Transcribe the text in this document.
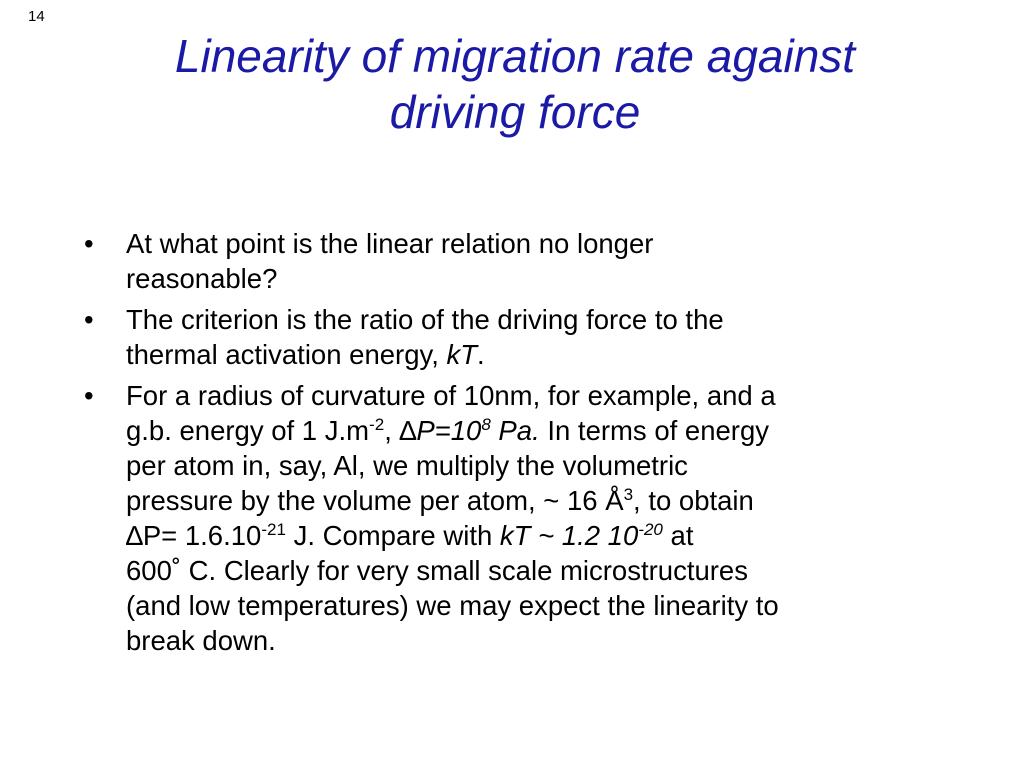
14
Linearity of migration rate against
driving force
• At what point is the linear relation no longer
reasonable?
• The criterion is the ratio of the driving force to the
thermal activation energy, kT.
• For a radius of curvature of 10nm, for example, and a
g.b. energy of 1 $J.m^{-2}$, $\Delta P=10^8$ Pa. In terms of energy
per atom in, say, Al, we multiply the volumetric
pressure by the volume per atom, ~ 16 $Å^3$, to obtain
$\Delta P= 1.6.10^{-21}$ J. Compare with kT ~ 1.2 $10^{-20}$ at
600˚ C. Clearly for very small scale microstructures
(and low temperatures) we may expect the linearity to
break down.
